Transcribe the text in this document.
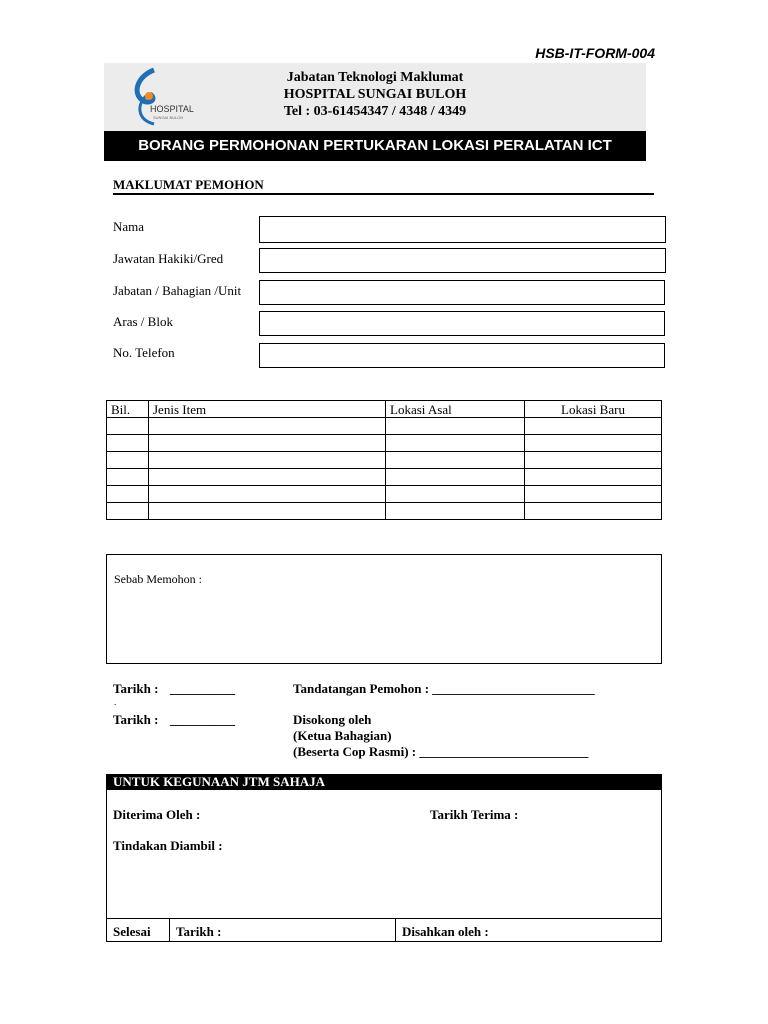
HSB-IT-FORM-004
HOSPITAL
SUNGAI BULOH
Jabatan Teknologi Maklumat
HOSPITAL SUNGAI BULOH
Tel : 03-61454347 / 4348 / 4349
BORANG PERMOHONAN PERTUKARAN LOKASI PERALATAN ICT
MAKLUMAT PEMOHON
Nama
Jawatan Hakiki/Gred
Jabatan / Bahagian /Unit
Aras / Blok
No. Telefon
Bil.	Jenis Item	Lokasi Asal	Lokasi Baru

Sebab Memohon :
Tarikh : __________	Tandatangan Pemohon : _________________________
.
Tarikh : __________	Disokong oleh
(Ketua Bahagian)
(Beserta Cop Rasmi) : __________________________
UNTUK KEGUNAAN JTM SAHAJA
Diterima Oleh :	Tarikh Terima :
Tindakan Diambil :
Selesai Tarikh :	Disahkan oleh :
